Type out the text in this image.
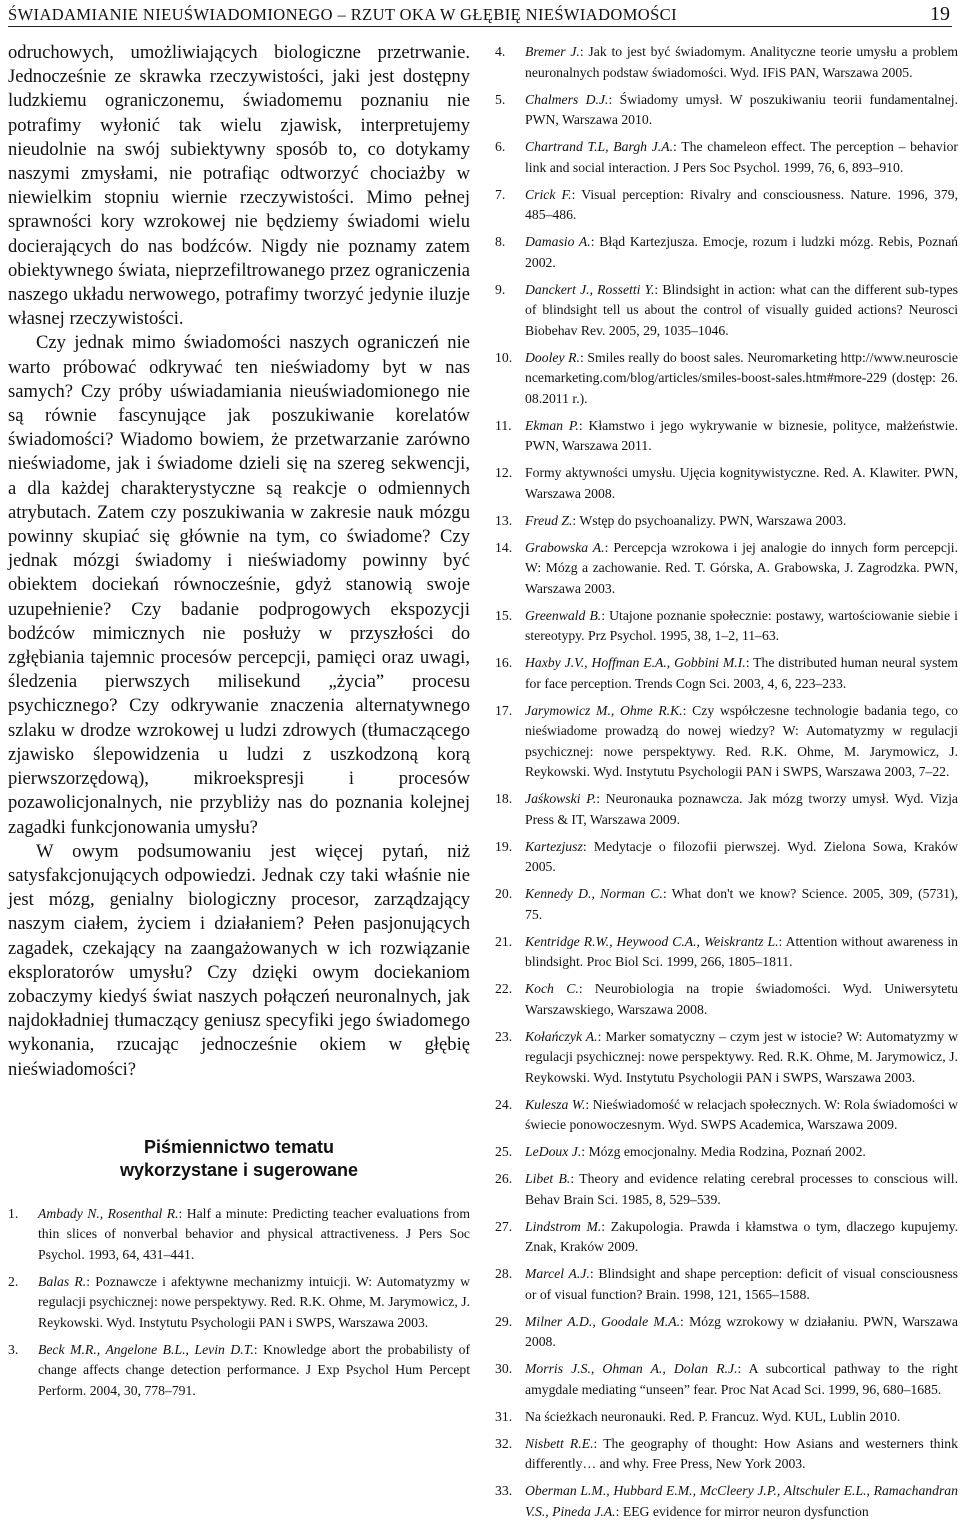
ŚWIADAMIANIE NIEUŚWIADOMIONEGO – RZUT OKA W GŁĘBIĘ NIEŚWIADOMOŚCI	19

odruchowych, umożliwiających biologiczne przetrwanie. Jednocześnie ze skrawka rzeczywistości, jaki jest dostępny ludzkiemu ograniczonemu, świadomemu poznaniu nie potrafimy wyłonić tak wielu zjawisk, interpretujemy nieudolnie na swój subiektywny sposób to, co dotykamy naszymi zmysłami, nie potrafiąc odtworzyć chociażby w niewielkim stopniu wiernie rzeczywistości. Mimo pełnej sprawności kory wzrokowej nie będziemy świadomi wielu docierających do nas bodźców. Nigdy nie poznamy zatem obiektywnego świata, nieprzefiltrowanego przez ograniczenia naszego układu nerwowego, potrafimy tworzyć jedynie iluzje własnej rzeczywistości.

Czy jednak mimo świadomości naszych ograniczeń nie warto próbować odkrywać ten nieświadomy byt w nas samych? Czy próby uświadamiania nieuświadomionego nie są równie fascynujące jak poszukiwanie korelatów świadomości? Wiadomo bowiem, że przetwarzanie zarówno nieświadome, jak i świadome dzieli się na szereg sekwencji, a dla każdej charakterystyczne są reakcje o odmiennych atrybutach. Zatem czy poszukiwania w zakresie nauk mózgu powinny skupiać się głównie na tym, co świadome? Czy jednak mózgi świadomy i nieświadomy powinny być obiektem dociekań równocześnie, gdyż stanowią swoje uzupełnienie? Czy badanie podprogowych ekspozycji bodźców mimicznych nie posłuży w przyszłości do zgłębiania tajemnic procesów percepcji, pamięci oraz uwagi, śledzenia pierwszych milisekund „życia” procesu psychicznego? Czy odkrywanie znaczenia alternatywnego szlaku w drodze wzrokowej u ludzi zdrowych (tłumaczącego zjawisko ślepowidzenia u ludzi z uszkodzoną korą pierwszorzędową), mikroekspresji i procesów pozawolicjonalnych, nie przybliży nas do poznania kolejnej zagadki funkcjonowania umysłu?

W owym podsumowaniu jest więcej pytań, niż satysfakcjonujących odpowiedzi. Jednak czy taki właśnie nie jest mózg, genialny biologiczny procesor, zarządzający naszym ciałem, życiem i działaniem? Pełen pasjonujących zagadek, czekający na zaangażowanych w ich rozwiązanie eksploratorów umysłu? Czy dzięki owym dociekaniom zobaczymy kiedyś świat naszych połączeń neuronalnych, jak najdokładniej tłumaczący geniusz specyfiki jego świadomego wykonania, rzucając jednocześnie okiem w głębię nieświadomości?

Piśmiennictwo tematu
wykorzystane i sugerowane
1.	Ambady N., Rosenthal R.: Half a minute: Predicting teacher evaluations from thin slices of nonverbal behavior and physical attractiveness. J Pers Soc Psychol. 1993, 64, 431–441.
2.	Balas R.: Poznawcze i afektywne mechanizmy intuicji. W: Automatyzmy w regulacji psychicznej: nowe perspektywy. Red. R.K. Ohme, M. Jarymowicz, J. Reykowski. Wyd. Instytutu Psychologii PAN i SWPS, Warszawa 2003.
3.	Beck M.R., Angelone B.L., Levin D.T.: Knowledge abort the probabilisty of change affects change detection performance. J Exp Psychol Hum Percept Perform. 2004, 30, 778–791.
4.	Bremer J.: Jak to jest być świadomym. Analityczne teorie umysłu a problem neuronalnych podstaw świadomości. Wyd. IFiS PAN, Warszawa 2005.
5.	Chalmers D.J.: Świadomy umysł. W poszukiwaniu teorii fundamentalnej. PWN, Warszawa 2010.
6.	Chartrand T.L, Bargh J.A.: The chameleon effect. The perception – behavior link and social interaction. J Pers Soc Psychol. 1999, 76, 6, 893–910.
7.	Crick F.: Visual perception: Rivalry and consciousness. Nature. 1996, 379, 485–486.
8.	Damasio A.: Błąd Kartezjusza. Emocje, rozum i ludzki mózg. Rebis, Poznań 2002.
9.	Danckert J., Rossetti Y.: Blindsight in action: what can the different sub-types of blindsight tell us about the control of visually guided actions? Neurosci Biobehav Rev. 2005, 29, 1035–1046.
10. Dooley R.: Smiles really do boost sales. Neuromarketing http://www.neurosciencemarketing.com/blog/articles/smiles-boost-sales.htm#more-229 (dostęp: 26.08.2011 r.).
11. Ekman P.: Kłamstwo i jego wykrywanie w biznesie, polityce, małżeństwie. PWN, Warszawa 2011.
12. Formy aktywności umysłu. Ujęcia kognitywistyczne. Red. A. Klawiter. PWN, Warszawa 2008.
13. Freud Z.: Wstęp do psychoanalizy. PWN, Warszawa 2003.
14. Grabowska A.: Percepcja wzrokowa i jej analogie do innych form percepcji. W: Mózg a zachowanie. Red. T. Górska, A. Grabowska, J. Zagrodzka. PWN, Warszawa 2003.
15. Greenwald B.: Utajone poznanie społecznie: postawy, wartościowanie siebie i stereotypy. Prz Psychol. 1995, 38, 1–2, 11–63.
16. Haxby J.V., Hoffman E.A., Gobbini M.I.: The distributed human neural system for face perception. Trends Cogn Sci. 2003, 4, 6, 223–233.
17. Jarymowicz M., Ohme R.K.: Czy współczesne technologie badania tego, co nieświadome prowadzą do nowej wiedzy? W: Automatyzmy w regulacji psychicznej: nowe perspektywy. Red. R.K. Ohme, M. Jarymowicz, J. Reykowski. Wyd. Instytutu Psychologii PAN i SWPS, Warszawa 2003, 7–22.
18. Jaśkowski P.: Neuronauka poznawcza. Jak mózg tworzy umysł. Wyd. Vizja Press & IT, Warszawa 2009.
19. Kartezjusz: Medytacje o filozofii pierwszej. Wyd. Zielona Sowa, Kraków 2005.
20. Kennedy D., Norman C.: What don't we know? Science. 2005, 309, (5731), 75.
21. Kentridge R.W., Heywood C.A., Weiskrantz L.: Attention without awareness in blindsight. Proc Biol Sci. 1999, 266, 1805–1811.
22. Koch C.: Neurobiologia na tropie świadomości. Wyd. Uniwersytetu Warszawskiego, Warszawa 2008.
23. Kołańczyk A.: Marker somatyczny – czym jest w istocie? W: Automatyzmy w regulacji psychicznej: nowe perspektywy. Red. R.K. Ohme, M. Jarymowicz, J. Reykowski. Wyd. Instytutu Psychologii PAN i SWPS, Warszawa 2003.
24. Kulesza W.: Nieświadomość w relacjach społecznych. W: Rola świadomości w świecie ponowoczesnym. Wyd. SWPS Academica, Warszawa 2009.
25. LeDoux J.: Mózg emocjonalny. Media Rodzina, Poznań 2002.
26. Libet B.: Theory and evidence relating cerebral processes to conscious will. Behav Brain Sci. 1985, 8, 529–539.
27. Lindstrom M.: Zakupologia. Prawda i kłamstwa o tym, dlaczego kupujemy. Znak, Kraków 2009.
28. Marcel A.J.: Blindsight and shape perception: deficit of visual consciousness or of visual function? Brain. 1998, 121, 1565–1588.
29. Milner A.D., Goodale M.A.: Mózg wzrokowy w działaniu. PWN, Warszawa 2008.
30. Morris J.S., Ohman A., Dolan R.J.: A subcortical pathway to the right amygdale mediating “unseen” fear. Proc Nat Acad Sci. 1999, 96, 680–1685.
31. Na ścieżkach neuronauki. Red. P. Francuz. Wyd. KUL, Lublin 2010.
32. Nisbett R.E.: The geography of thought: How Asians and westerners think differently… and why. Free Press, New York 2003.
33. Oberman L.M., Hubbard E.M., McCleery J.P., Altschuler E.L., Ramachandran V.S., Pineda J.A.: EEG evidence for mirror neuron dysfunction
